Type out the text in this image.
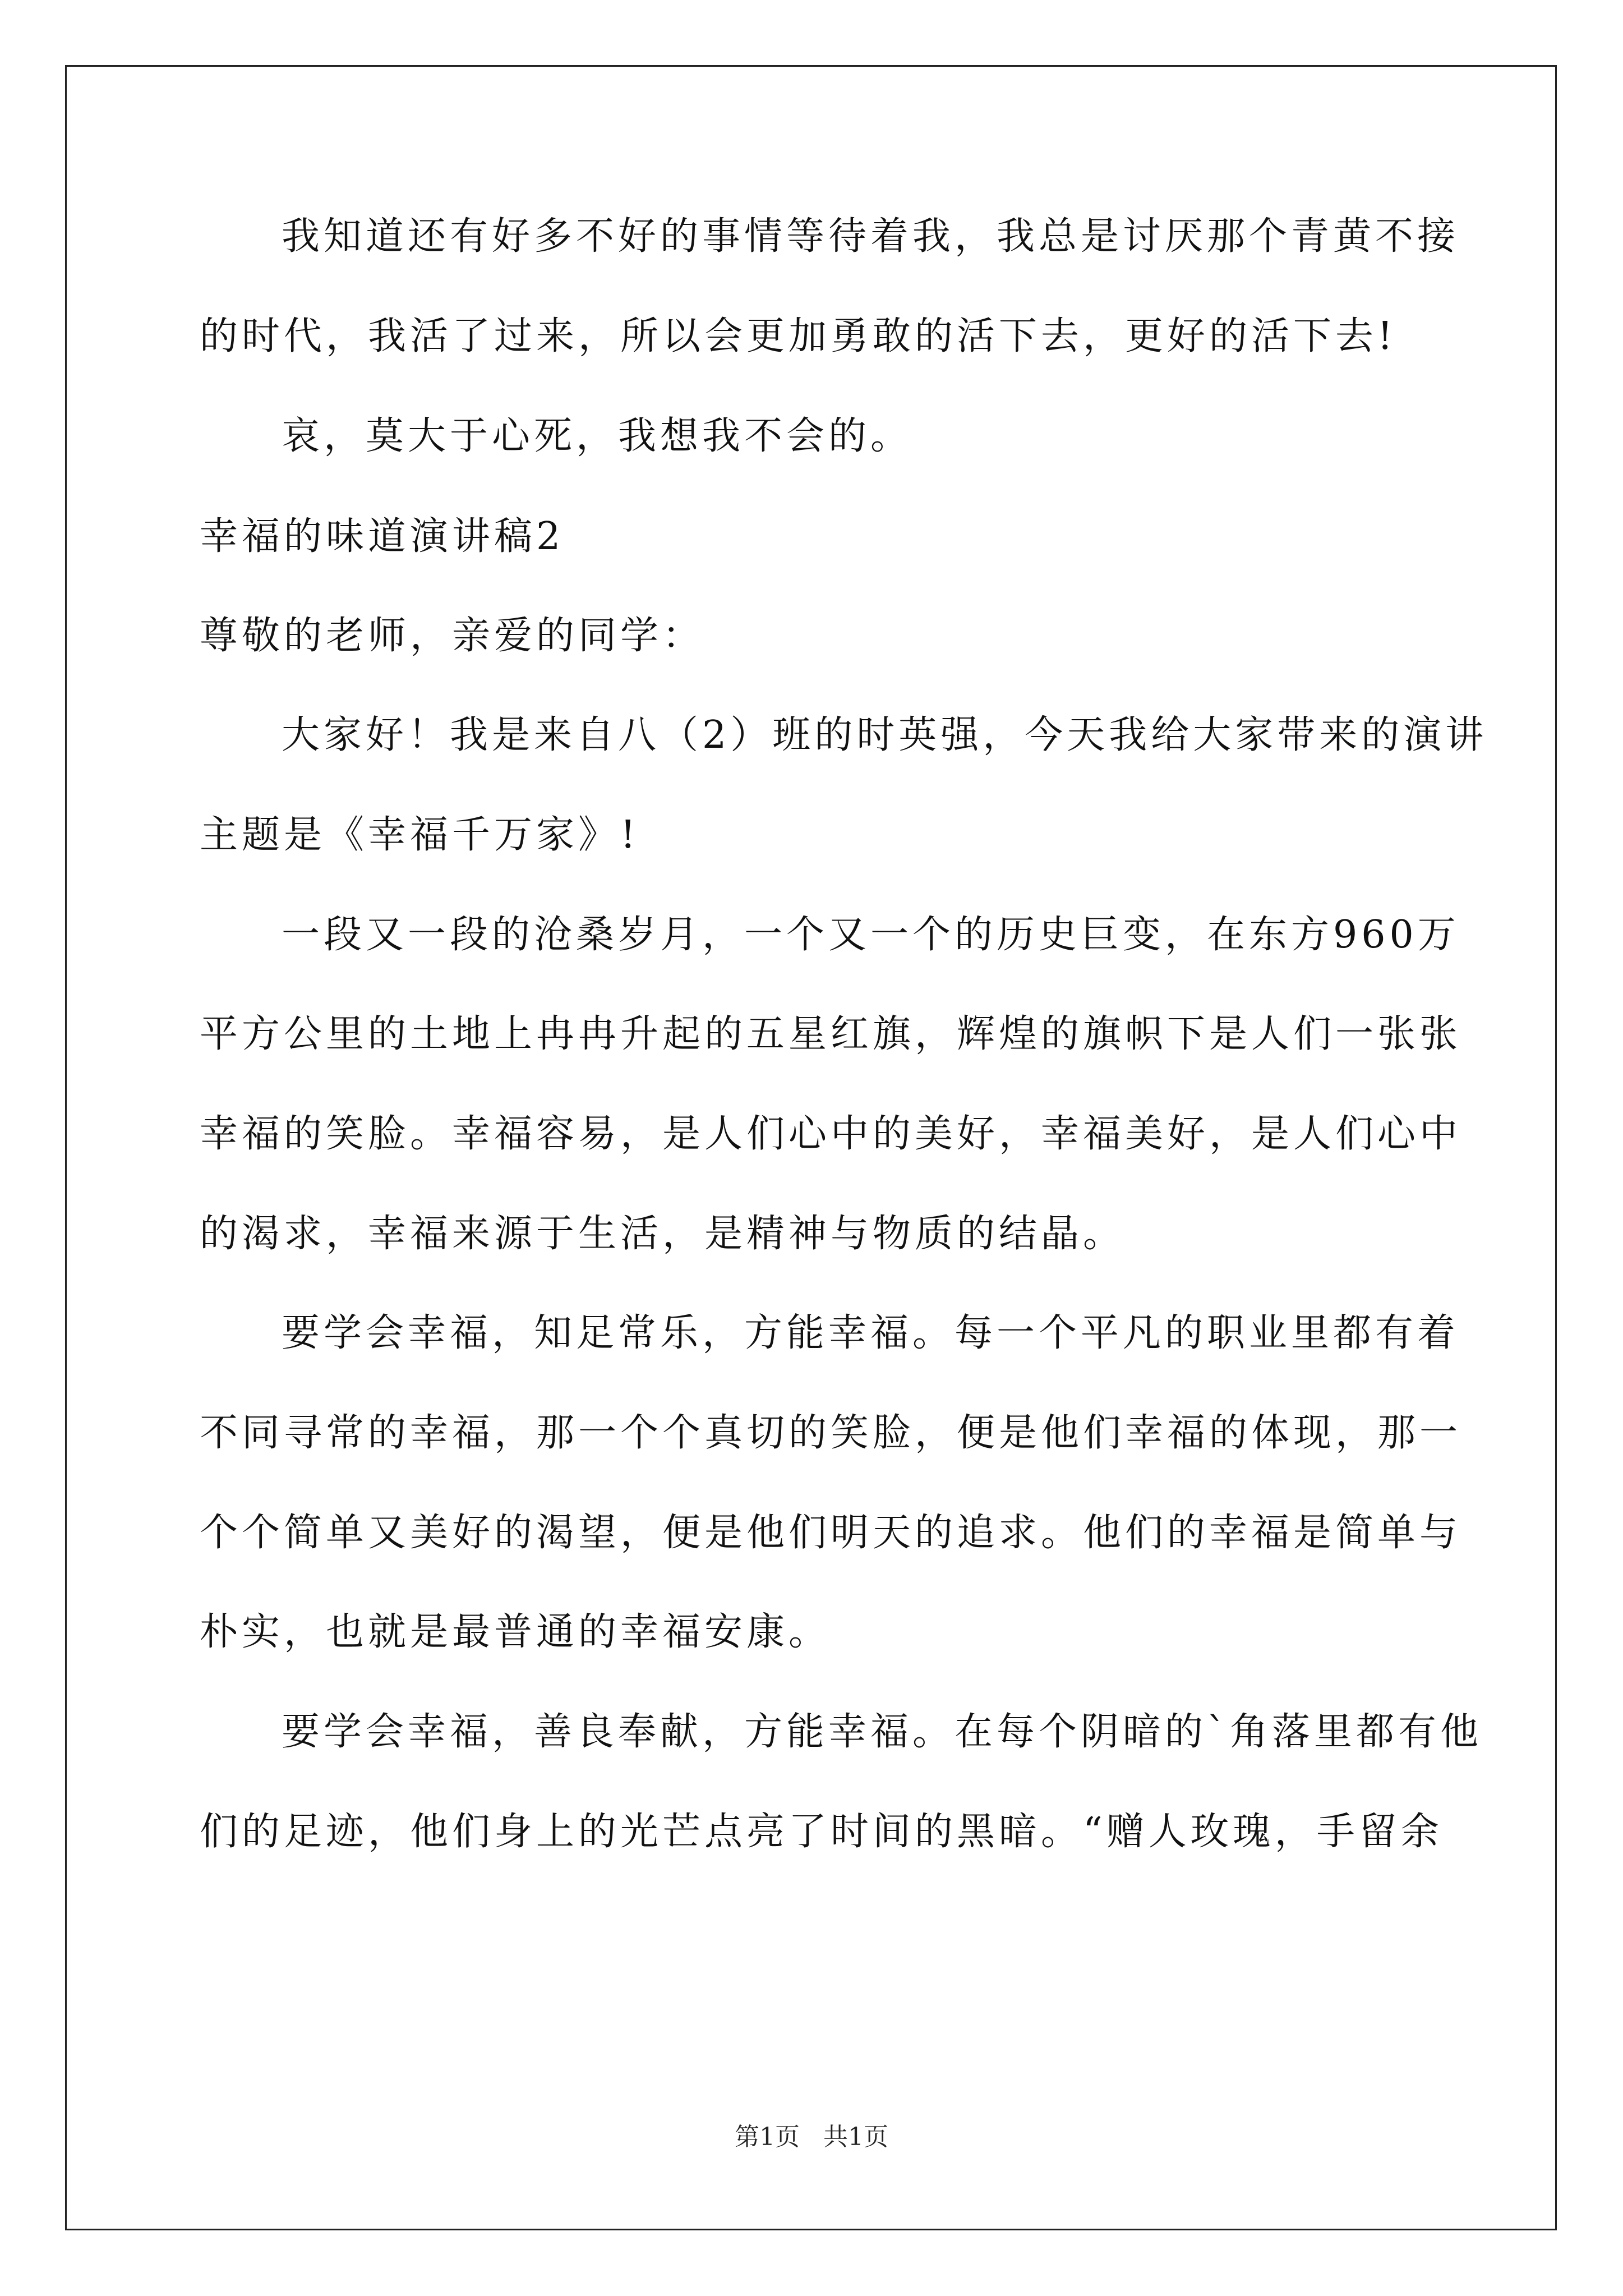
我知道还有好多不好的事情等待着我，我总是讨厌那个青黄不接
的时代，我活了过来，所以会更加勇敢的活下去，更好的活下去!
哀，莫大于心死，我想我不会的。
幸福的味道演讲稿2
尊敬的老师，亲爱的同学：
大家好！我是来自八（2）班的时英强，今天我给大家带来的演讲
主题是《幸福千万家》!
一段又一段的沧桑岁月，一个又一个的历史巨变，在东方960万
平方公里的土地上冉冉升起的五星红旗，辉煌的旗帜下是人们一张张
幸福的笑脸。幸福容易，是人们心中的美好，幸福美好，是人们心中
的渴求，幸福来源于生活，是精神与物质的结晶。
要学会幸福，知足常乐，方能幸福。每一个平凡的职业里都有着
不同寻常的幸福，那一个个真切的笑脸，便是他们幸福的体现，那一
个个简单又美好的渴望，便是他们明天的追求。他们的幸福是简单与
朴实，也就是最普通的幸福安康。
要学会幸福，善良奉献，方能幸福。在每个阴暗的`角落里都有他
们的足迹，他们身上的光芒点亮了时间的黑暗。“赠人玫瑰，手留余
第1页   共1页
